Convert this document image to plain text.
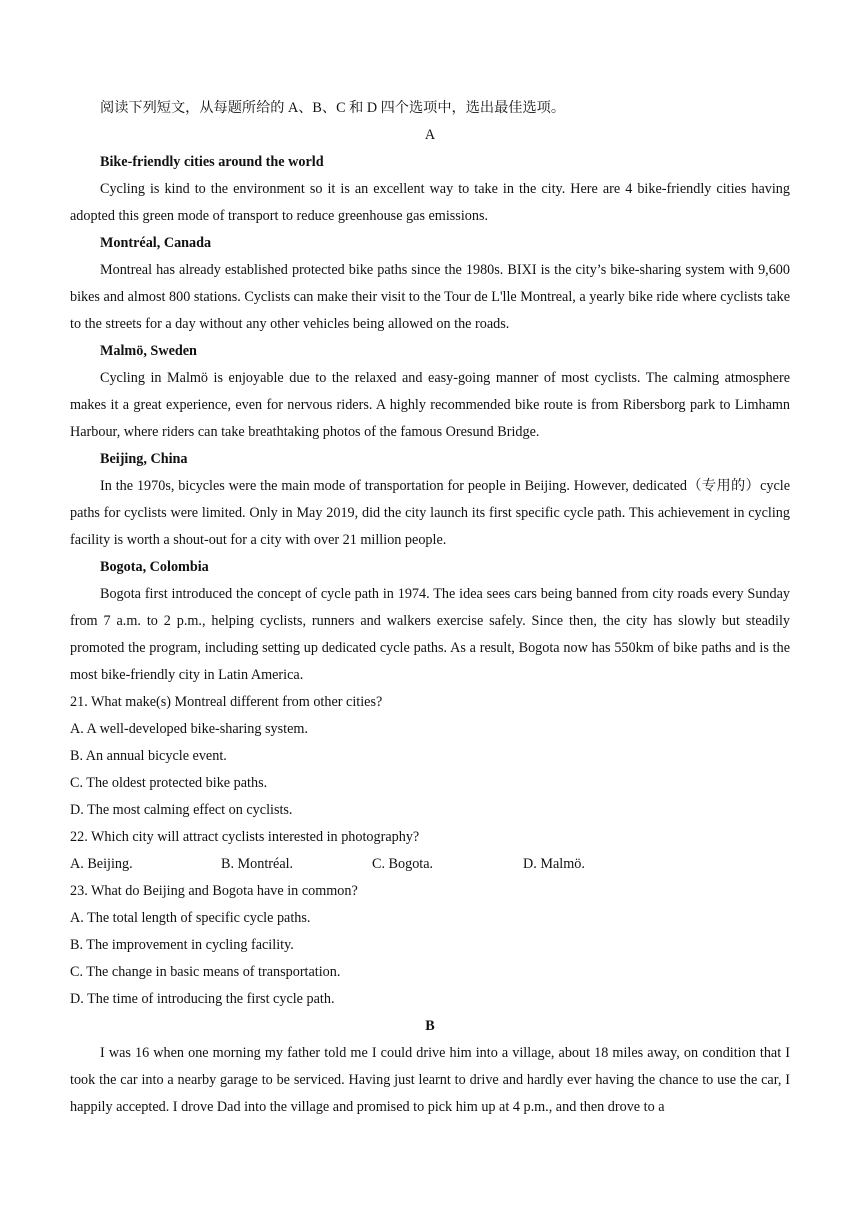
阅读下列短文，从每题所给的 A、B、C 和 D 四个选项中，选出最佳选项。
A
Bike-friendly cities around the world

Cycling is kind to the environment so it is an excellent way to take in the city. Here are 4 bike-friendly cities having adopted this green mode of transport to reduce greenhouse gas emissions.

Montréal, Canada

Montreal has already established protected bike paths since the 1980s. BIXI is the city’s bike-sharing system with 9,600 bikes and almost 800 stations. Cyclists can make their visit to the Tour de L'lle Montreal, a yearly bike ride where cyclists take to the streets for a day without any other vehicles being allowed on the roads.

Malmö, Sweden

Cycling in Malmö is enjoyable due to the relaxed and easy-going manner of most cyclists. The calming atmosphere makes it a great experience, even for nervous riders. A highly recommended bike route is from Ribersborg park to Limhamn Harbour, where riders can take breathtaking photos of the famous Oresund Bridge.

Beijing, China

In the 1970s, bicycles were the main mode of transportation for people in Beijing. However, dedicated（专用的）cycle paths for cyclists were limited. Only in May 2019, did the city launch its first specific cycle path. This achievement in cycling facility is worth a shout-out for a city with over 21 million people.

Bogota, Colombia

Bogota first introduced the concept of cycle path in 1974. The idea sees cars being banned from city roads every Sunday from 7 a.m. to 2 p.m., helping cyclists, runners and walkers exercise safely. Since then, the city has slowly but steadily promoted the program, including setting up dedicated cycle paths. As a result, Bogota now has 550km of bike paths and is the most bike-friendly city in Latin America.

21. What make(s) Montreal different from other cities?
A. A well-developed bike-sharing system.
B. An annual bicycle event.
C. The oldest protected bike paths.
D. The most calming effect on cyclists.
22. Which city will attract cyclists interested in photography?
A. Beijing.	B. Montréal.	C. Bogota.	D. Malmö.
23. What do Beijing and Bogota have in common?
A. The total length of specific cycle paths.
B. The improvement in cycling facility.
C. The change in basic means of transportation.
D. The time of introducing the first cycle path.
B

I was 16 when one morning my father told me I could drive him into a village, about 18 miles away, on condition that I took the car into a nearby garage to be serviced. Having just learnt to drive and hardly ever having the chance to use the car, I happily accepted. I drove Dad into the village and promised to pick him up at 4 p.m., and then drove to a
